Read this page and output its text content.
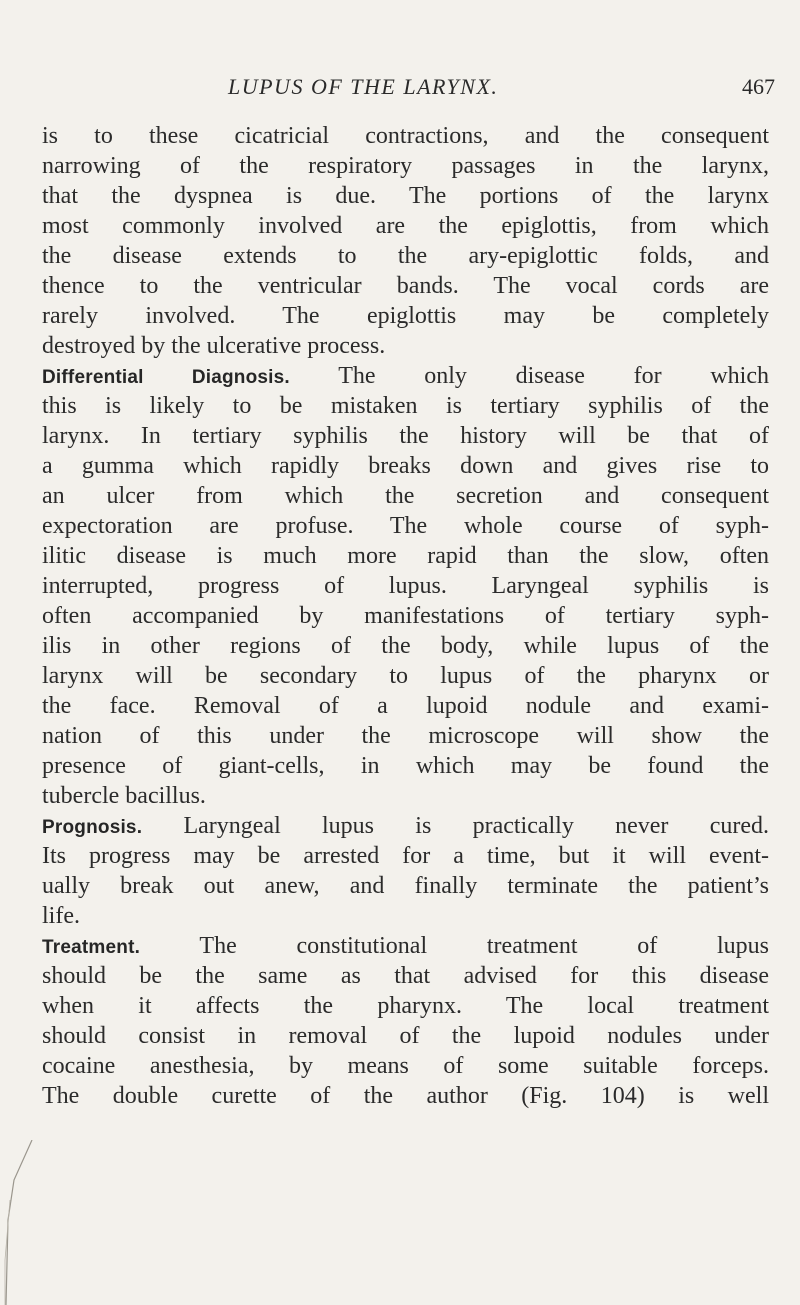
LUPUS OF THE LARYNX.	467
is to these cicatricial contractions, and the consequent
narrowing of the respiratory passages in the larynx,
that the dyspnea is due. The portions of the larynx
most commonly involved are the epiglottis, from which
the disease extends to the ary-epiglottic folds, and
thence to the ventricular bands. The vocal cords are
rarely involved. The epiglottis may be completely
destroyed by the ulcerative process.
Differential Diagnosis. The only disease for which
this is likely to be mistaken is tertiary syphilis of the
larynx. In tertiary syphilis the history will be that of
a gumma which rapidly breaks down and gives rise to
an ulcer from which the secretion and consequent
expectoration are profuse. The whole course of syph-
ilitic disease is much more rapid than the slow, often
interrupted, progress of lupus. Laryngeal syphilis is
often accompanied by manifestations of tertiary syph-
ilis in other regions of the body, while lupus of the
larynx will be secondary to lupus of the pharynx or
the face. Removal of a lupoid nodule and exami-
nation of this under the microscope will show the
presence of giant-cells, in which may be found the
tubercle bacillus.
Prognosis. Laryngeal lupus is practically never cured.
Its progress may be arrested for a time, but it will event-
ually break out anew, and finally terminate the patient’s
life.
Treatment. The constitutional treatment of lupus
should be the same as that advised for this disease
when it affects the pharynx. The local treatment
should consist in removal of the lupoid nodules under
cocaine anesthesia, by means of some suitable forceps.
The double curette of the author (Fig. 104) is well
